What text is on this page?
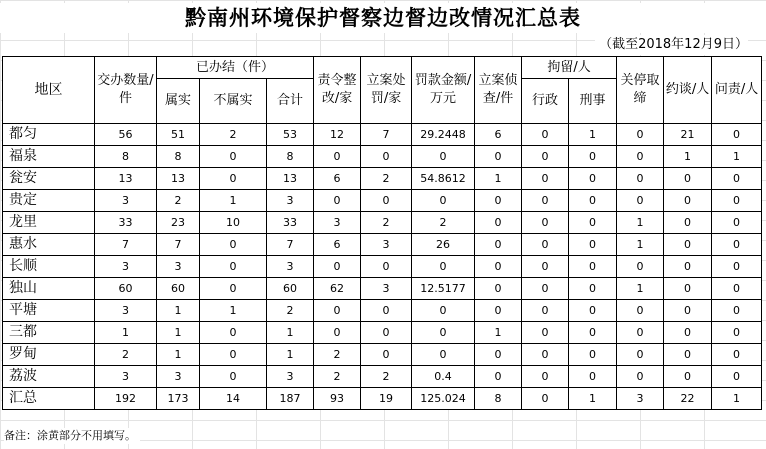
黔南州环境保护督察边督边改情况汇总表
（截至2018年12月9日）
地区	交办数量/件	已办结（件）			责令整改/家	立案处罚/家	罚款金额/万元	立案侦查/件	拘留/人		关停取缔	约谈/人	问责/人
		属实	不属实	合计					行政	刑事			
都匀	56	51	2	53	12	7	29.2448	6	0	1	0	21	0
福泉	8	8	0	8	0	0	0	0	0	0	0	1	1
瓮安	13	13	0	13	6	2	54.8612	1	0	0	0	0	0
贵定	3	2	1	3	0	0	0	0	0	0	0	0	0
龙里	33	23	10	33	3	2	2	0	0	0	1	0	0
惠水	7	7	0	7	6	3	26	0	0	0	1	0	0
长顺	3	3	0	3	0	0	0	0	0	0	0	0	0
独山	60	60	0	60	62	3	12.5177	0	0	0	1	0	0
平塘	3	1	1	2	0	0	0	0	0	0	0	0	0
三都	1	1	0	1	0	0	0	1	0	0	0	0	0
罗甸	2	1	0	1	2	0	0	0	0	0	0	0	0
荔波	3	3	0	3	2	2	0.4	0	0	0	0	0	0
汇总	192	173	14	187	93	19	125.024	8	0	1	3	22	1
备注：涂黄部分不用填写。
